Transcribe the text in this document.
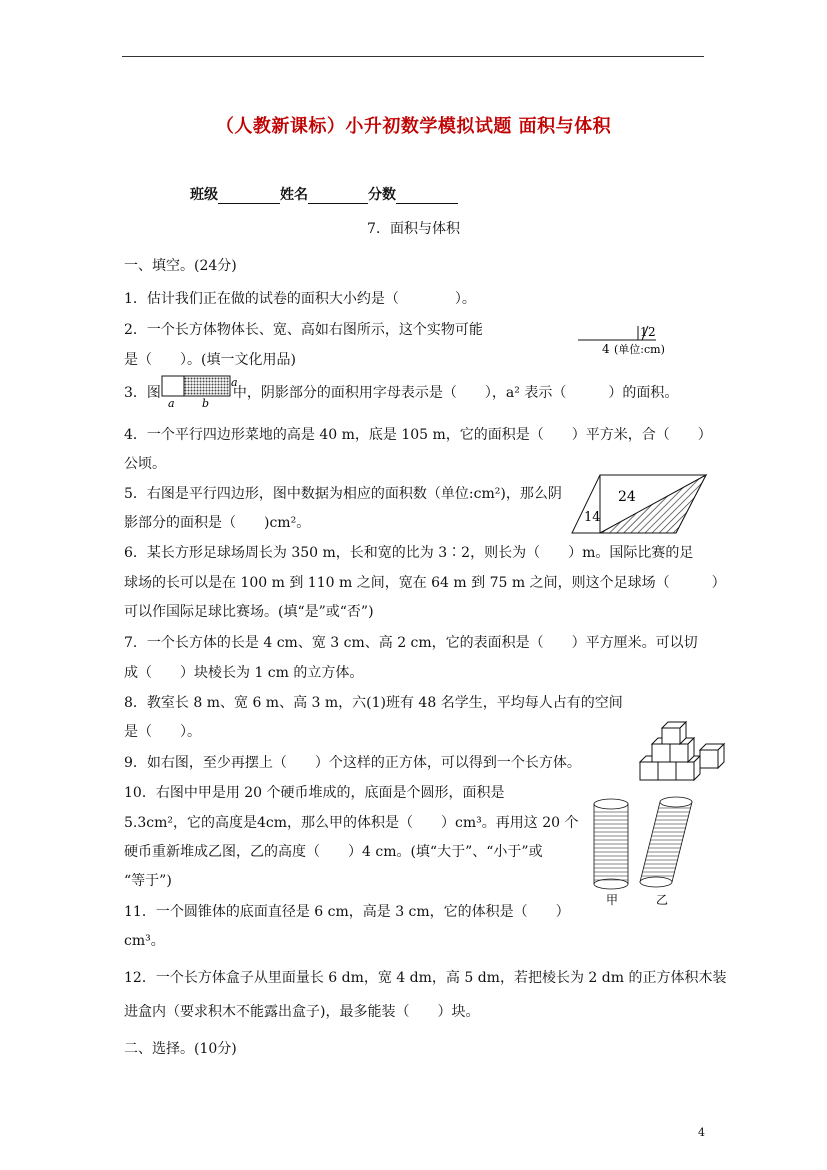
（人教新课标）小升初数学模拟试题 面积与体积
班级	姓名	分数
7．面积与体积
一、填空。(24分)
1．估计我们正在做的试卷的面积大小约是（　　　　）。
2．一个长方体物体长、宽、高如右图所示，这个实物可能
是（　　）。(填一文化用品)
3．图	中，阴影部分的面积用字母表示是（　　），a² 表示（　　　）的面积。
4．一个平行四边形菜地的高是 40 m，底是 105 m，它的面积是（　　）平方米，合（　　）
公顷。
5．右图是平行四边形，图中数据为相应的面积数（单位:cm²)，那么阴
影部分的面积是（　　)cm²。
6．某长方形足球场周长为 350 m，长和宽的比为 3∶2，则长为（　　）m。国际比赛的足
球场的长可以是在 100 m 到 110 m 之间，宽在 64 m 到 75 m 之间，则这个足球场（　　　）
可以作国际足球比赛场。(填“是”或“否”)
7．一个长方体的长是 4 cm、宽 3 cm、高 2 cm，它的表面积是（　　）平方厘米。可以切
成（　　）块棱长为 1 cm 的立方体。
8．教室长 8 m、宽 6 m、高 3 m，六(1)班有 48 名学生，平均每人占有的空间
是（　　）。
9．如右图，至少再摆上（　　）个这样的正方体，可以得到一个长方体。
10．右图中甲是用 20 个硬币堆成的，底面是个圆形，面积是
5.3cm²，它的高度是4cm，那么甲的体积是（　　）cm³。再用这 20 个
硬币重新堆成乙图，乙的高度（　　）4 cm。(填“大于”、“小于”或
“等于”)
11．一个圆锥体的底面直径是 6 cm，高是 3 cm，它的体积是（　　）
cm³。
12．一个长方体盒子从里面量长 6 dm，宽 4 dm，高 5 dm，若把棱长为 2 dm 的正方体积木装
进盒内（要求积木不能露出盒子)，最多能装（　　）块。
二、选择。(10分)
1 2
4 (单位:cm)
a b
a
24
14
甲	乙
4
